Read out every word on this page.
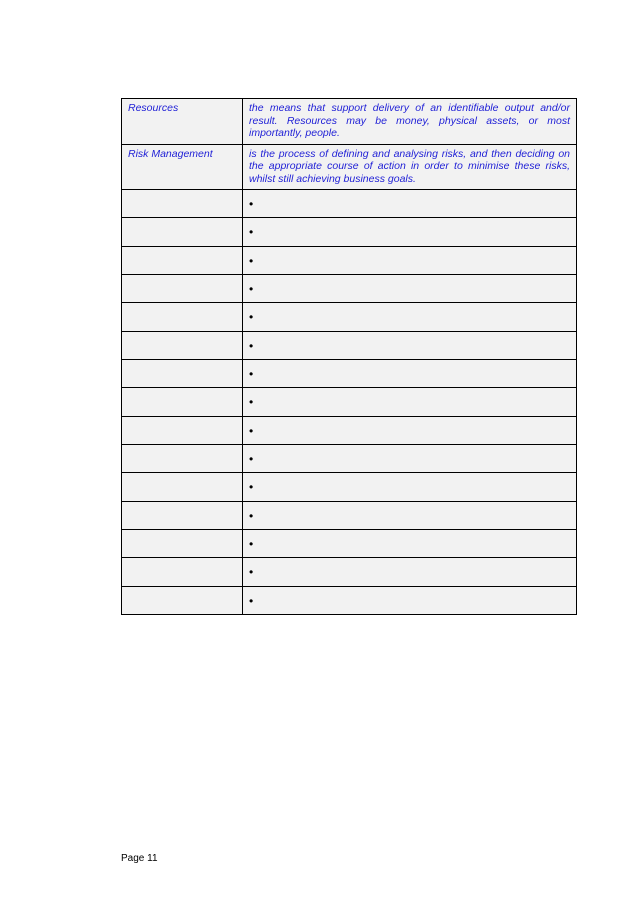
Resources	the means that support delivery of an identifiable output and/or result. Resources may be money, physical assets, or most importantly, people.
Risk Management	is the process of defining and analysing risks, and then deciding on the appropriate course of action in order to minimise these risks, whilst still achieving business goals.

	•

	•

	•

	•

	•

	•

	•

	•

	•

	•

	•

	•

	•

	•

	•
Page 11
